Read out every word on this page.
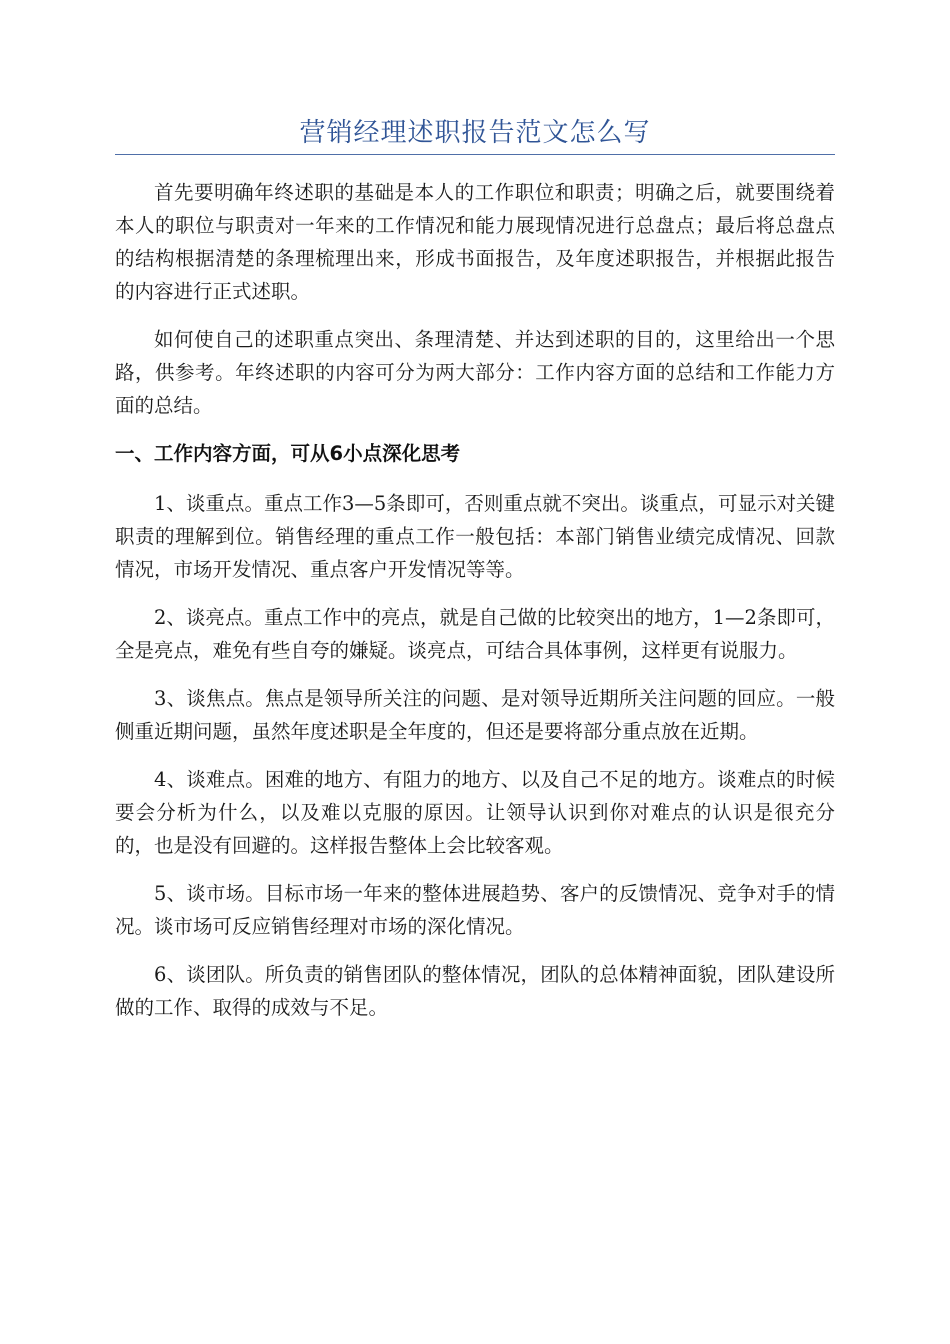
营销经理述职报告范文怎么写

首先要明确年终述职的基础是本人的工作职位和职责；明确之后，就要围绕着本人的职位与职责对一年来的工作情况和能力展现情况进行总盘点；最后将总盘点的结构根据清楚的条理梳理出来，形成书面报告，及年度述职报告，并根据此报告的内容进行正式述职。

如何使自己的述职重点突出、条理清楚、并达到述职的目的，这里给出一个思路，供参考。年终述职的内容可分为两大部分：工作内容方面的总结和工作能力方面的总结。

一、工作内容方面，可从6小点深化思考

1、谈重点。重点工作3—5条即可，否则重点就不突出。谈重点，可显示对关键职责的理解到位。销售经理的重点工作一般包括：本部门销售业绩完成情况、回款情况，市场开发情况、重点客户开发情况等等。

2、谈亮点。重点工作中的亮点，就是自己做的比较突出的地方，1—2条即可，全是亮点，难免有些自夸的嫌疑。谈亮点，可结合具体事例，这样更有说服力。

3、谈焦点。焦点是领导所关注的问题、是对领导近期所关注问题的回应。一般侧重近期问题，虽然年度述职是全年度的，但还是要将部分重点放在近期。

4、谈难点。困难的地方、有阻力的地方、以及自己不足的地方。谈难点的时候要会分析为什么，以及难以克服的原因。让领导认识到你对难点的认识是很充分的，也是没有回避的。这样报告整体上会比较客观。

5、谈市场。目标市场一年来的整体进展趋势、客户的反馈情况、竞争对手的情况。谈市场可反应销售经理对市场的深化情况。

6、谈团队。所负责的销售团队的整体情况，团队的总体精神面貌，团队建设所做的工作、取得的成效与不足。
